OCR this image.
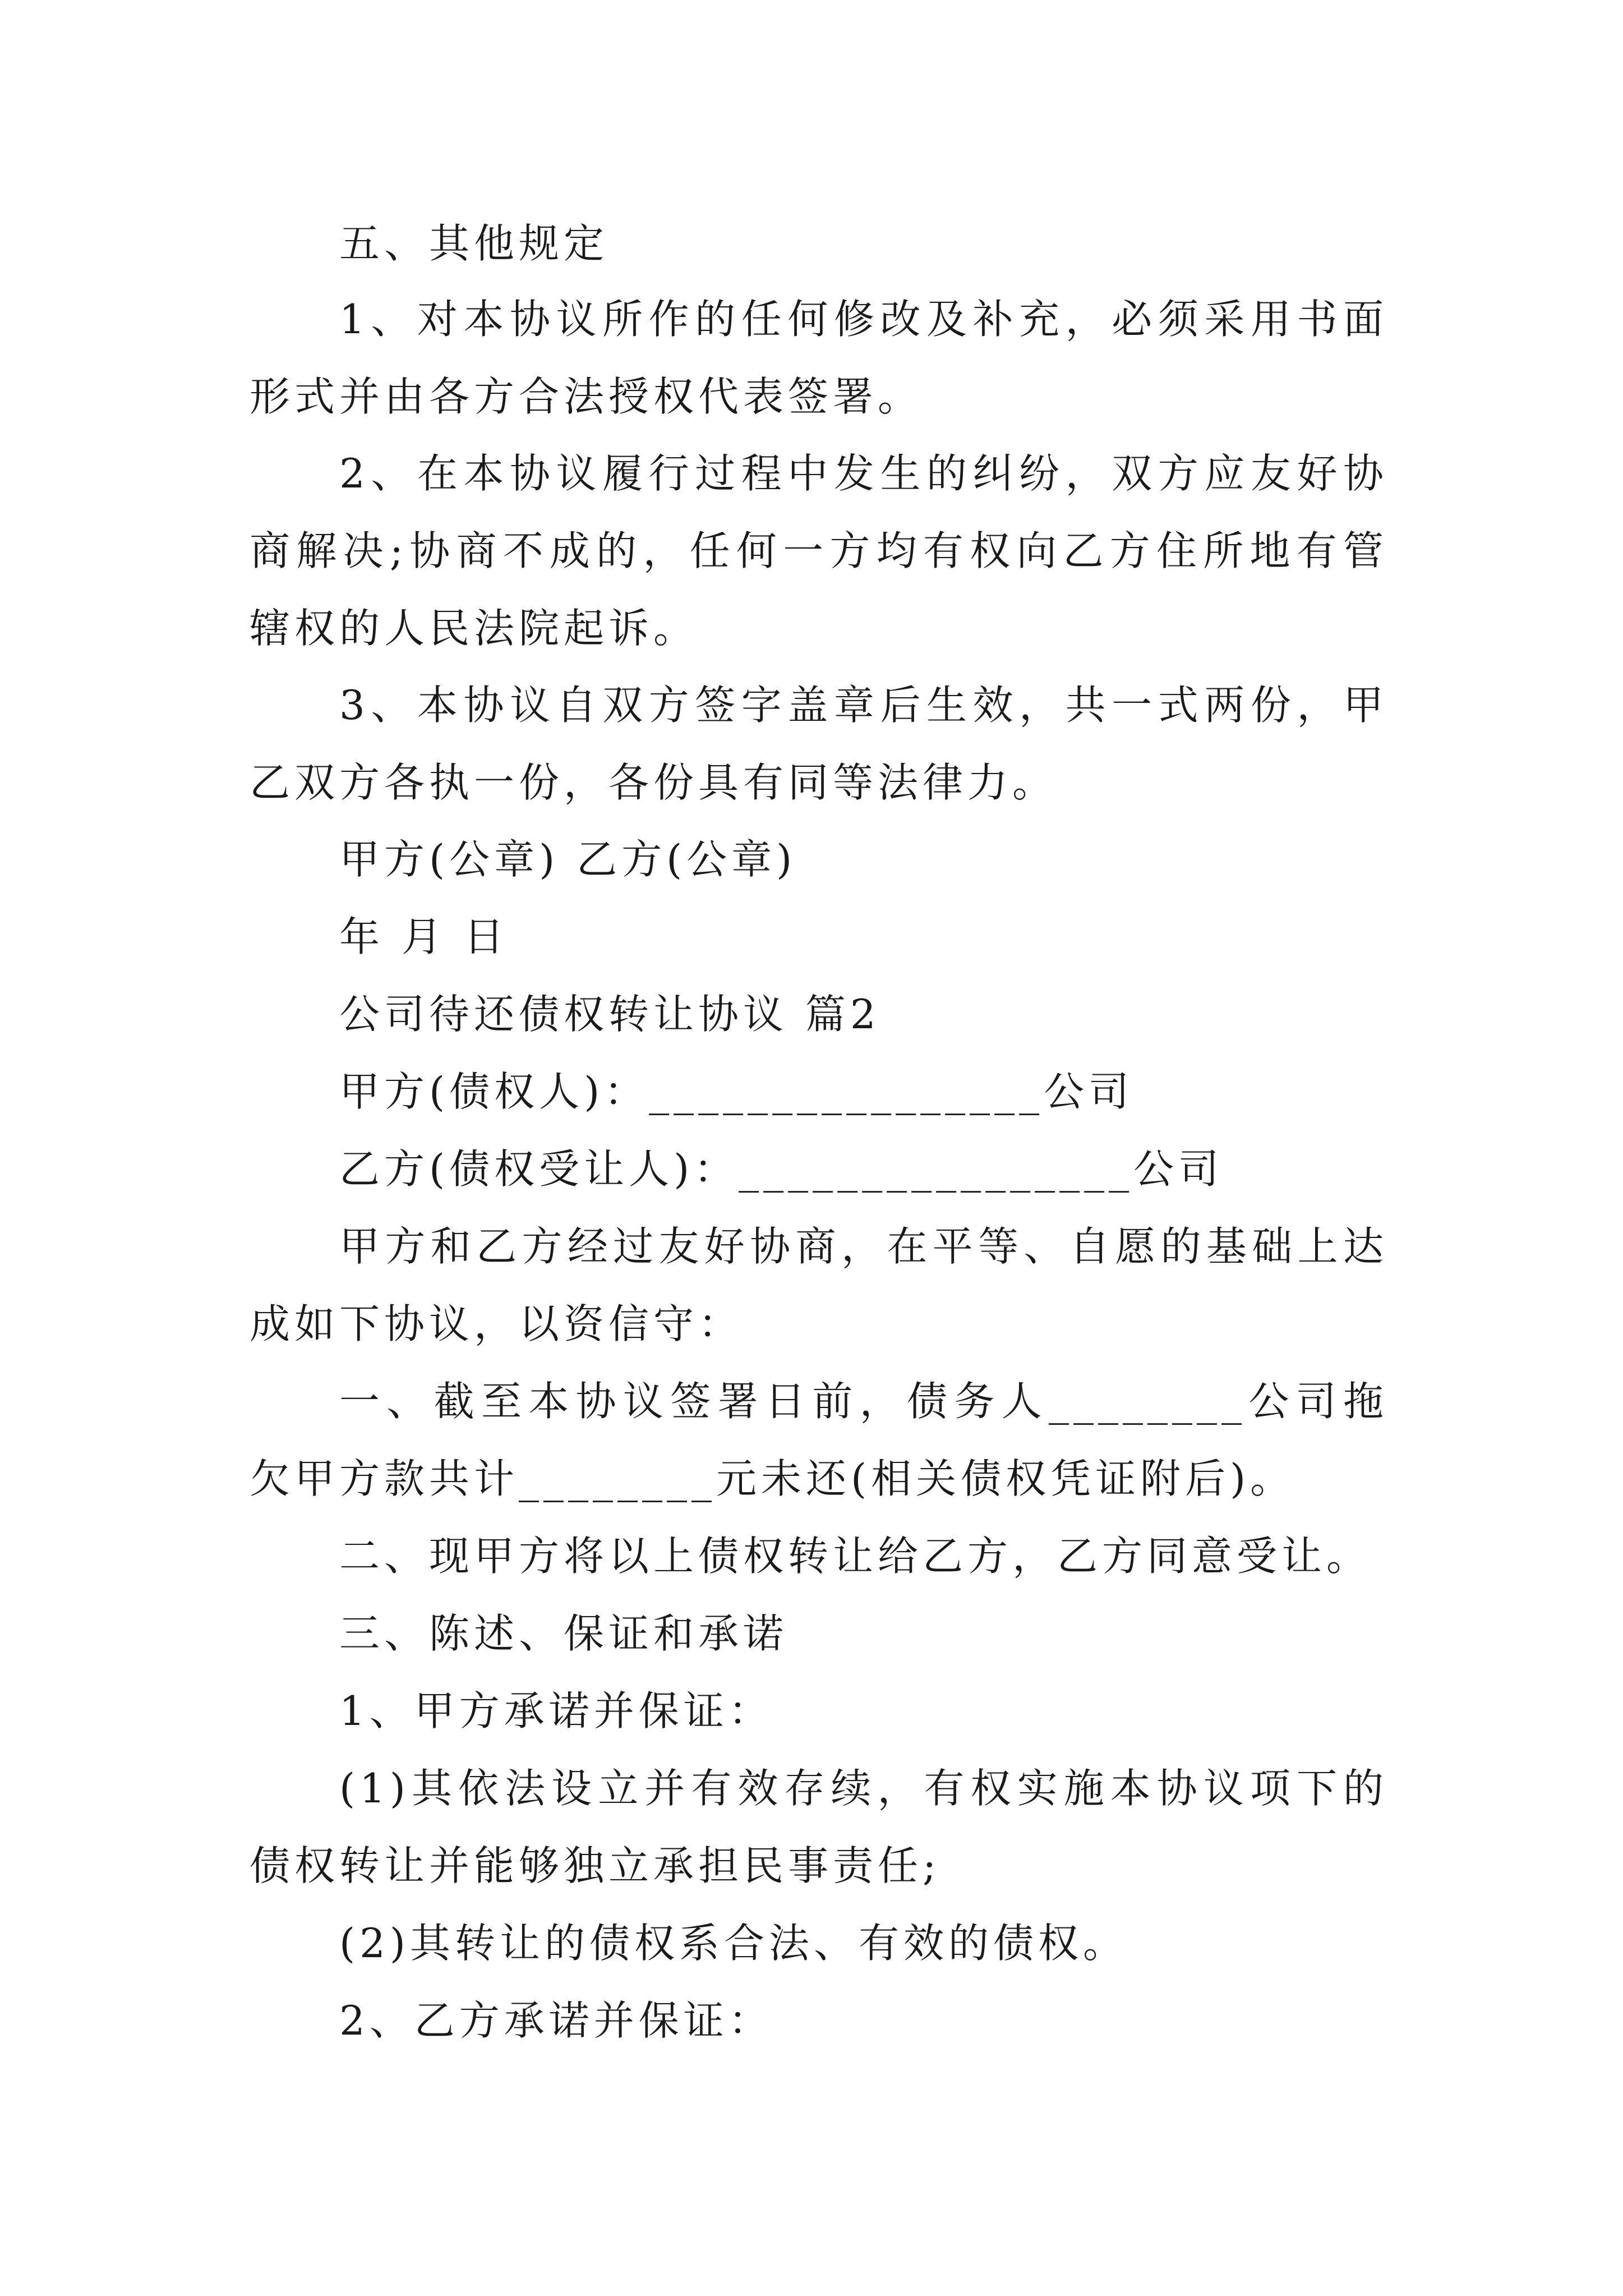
五、其他规定

1、对本协议所作的任何修改及补充，必须采用书面形式并由各方合法授权代表签署。

2、在本协议履行过程中发生的纠纷，双方应友好协商解决;协商不成的，任何一方均有权向乙方住所地有管辖权的人民法院起诉。

3、本协议自双方签字盖章后生效，共一式两份，甲乙双方各执一份，各份具有同等法律力。

甲方(公章) 乙方(公章)

年 月 日

公司待还债权转让协议 篇2

甲方(债权人)：________________公司

乙方(债权受让人)：________________公司

甲方和乙方经过友好协商，在平等、自愿的基础上达成如下协议，以资信守：

一、截至本协议签署日前，债务人________公司拖欠甲方款共计________元未还(相关债权凭证附后)。

二、现甲方将以上债权转让给乙方，乙方同意受让。

三、陈述、保证和承诺

1、甲方承诺并保证：

(1)其依法设立并有效存续，有权实施本协议项下的债权转让并能够独立承担民事责任;

(2)其转让的债权系合法、有效的债权。

2、乙方承诺并保证：
